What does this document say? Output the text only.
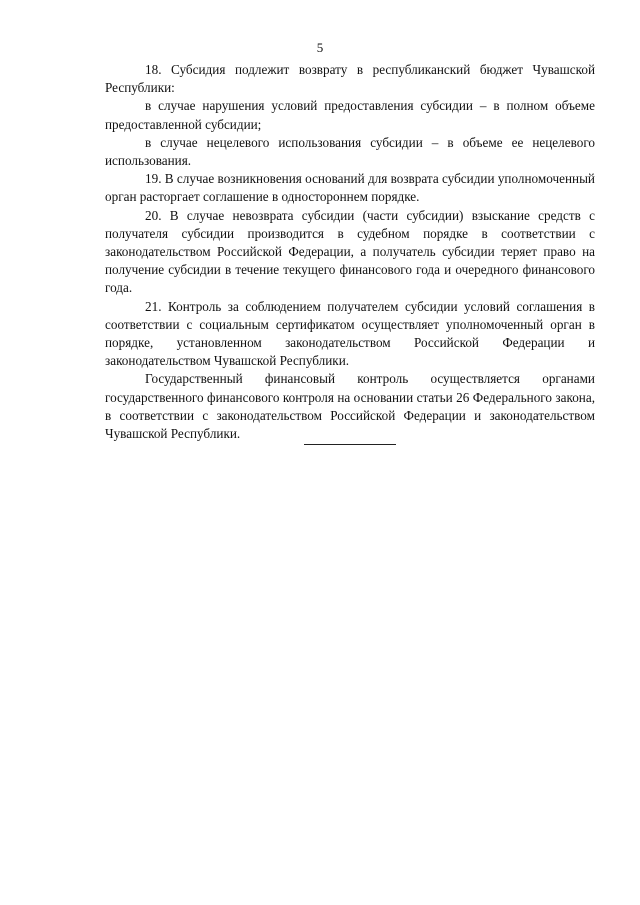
5

18. Субсидия подлежит возврату в республиканский бюджет Чувашской Республики:

в случае нарушения условий предоставления субсидии – в полном объеме предоставленной субсидии;

в случае нецелевого использования субсидии – в объеме ее нецелевого использования.

19. В случае возникновения оснований для возврата субсидии уполномоченный орган расторгает соглашение в одностороннем порядке.

20. В случае невозврата субсидии (части субсидии) взыскание средств с получателя субсидии производится в судебном порядке в соответствии с законодательством Российской Федерации, а получатель субсидии теряет право на получение субсидии в течение текущего финансового года и очередного финансового года.

21. Контроль за соблюдением получателем субсидии условий соглашения в соответствии с социальным сертификатом осуществляет уполномоченный орган в порядке, установленном законодательством Российской Федерации и законодательством Чувашской Республики.

Государственный финансовый контроль осуществляется органами государственного финансового контроля на основании статьи 26 Федерального закона, в соответствии с законодательством Российской Федерации и законодательством Чувашской Республики.
